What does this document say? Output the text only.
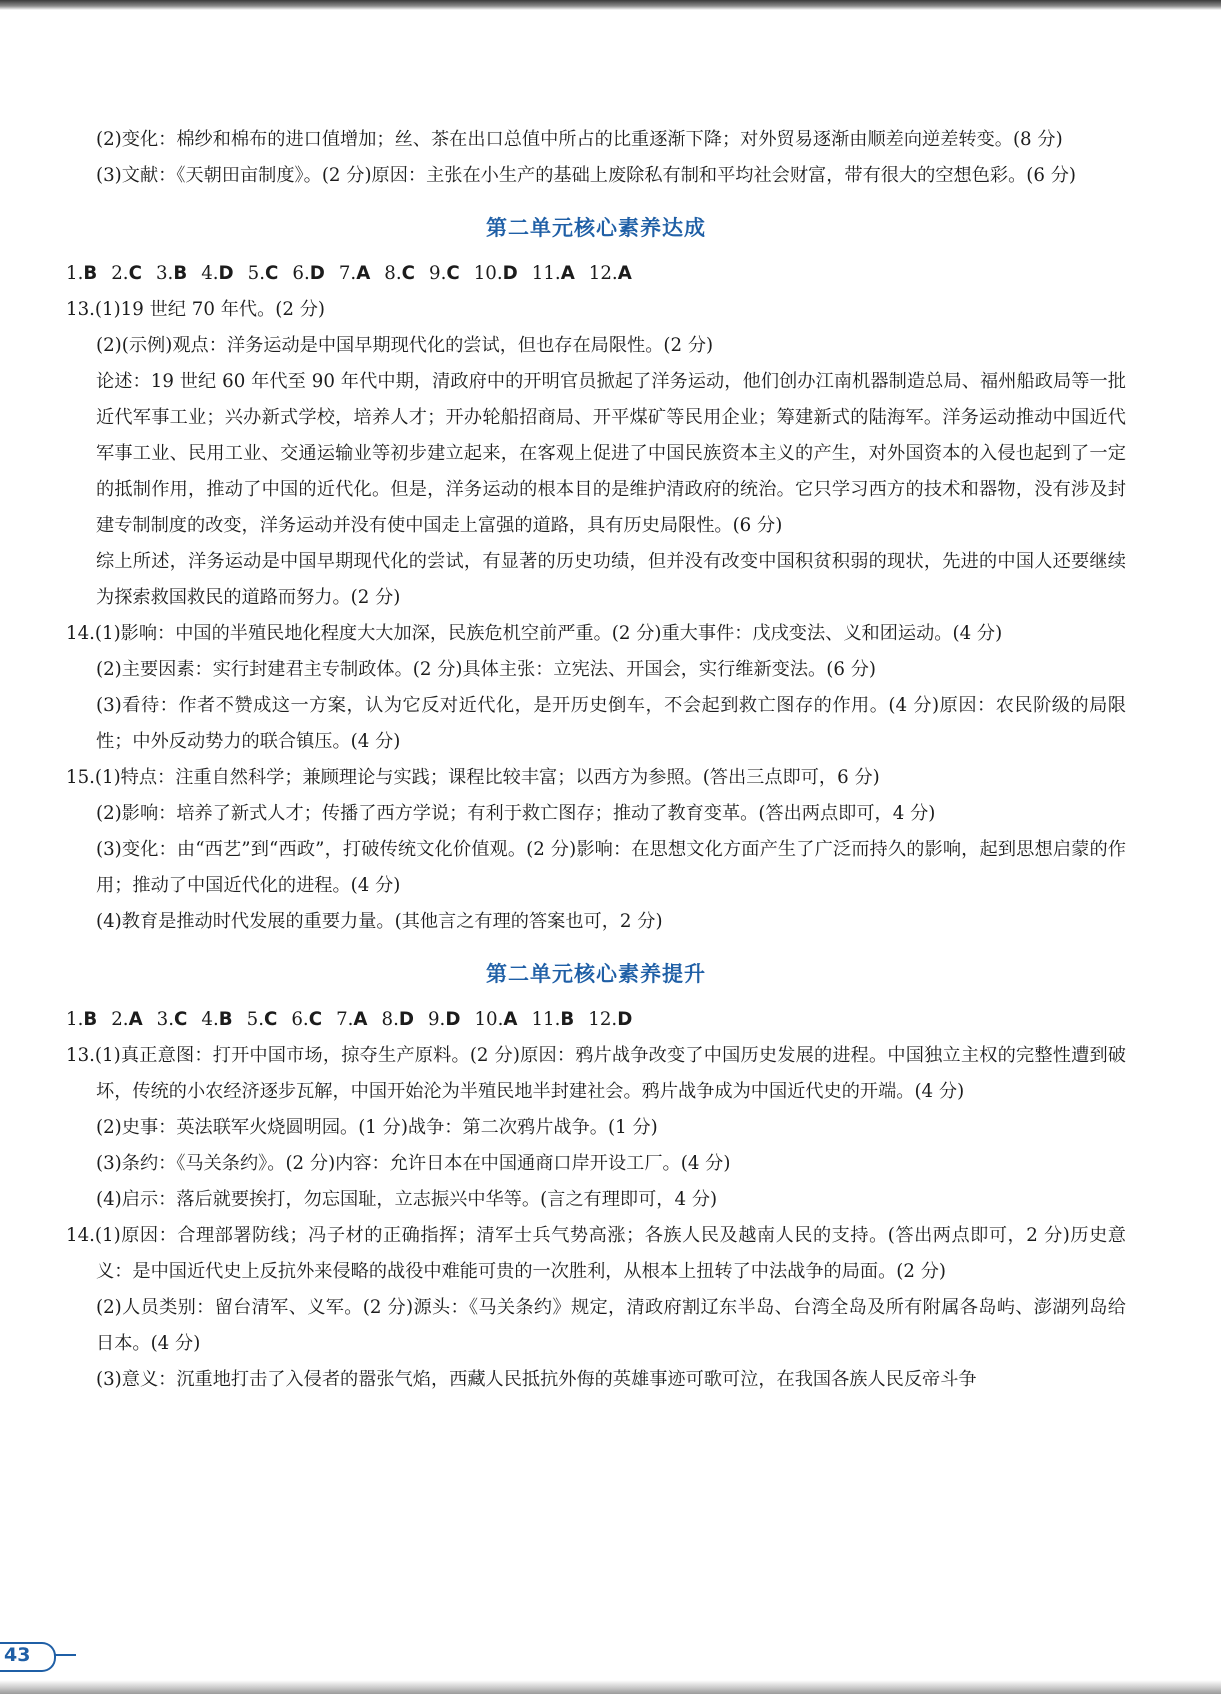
(2)变化：棉纱和棉布的进口值增加；丝、茶在出口总值中所占的比重逐渐下降；对外贸易逐渐由顺差向逆差转变。(8 分)
(3)文献：《天朝田亩制度》。(2 分)原因：主张在小生产的基础上废除私有制和平均社会财富，带有很大的空想色彩。(6 分)
第二单元核心素养达成
1.B 2.C 3.B 4.D 5.C 6.D 7.A 8.C 9.C 10.D 11.A 12.A
13.(1)19 世纪 70 年代。(2 分)
(2)(示例)观点：洋务运动是中国早期现代化的尝试，但也存在局限性。(2 分)
论述：19 世纪 60 年代至 90 年代中期，清政府中的开明官员掀起了洋务运动，他们创办江南机器制造总局、福州船政局等一批近代军事工业；兴办新式学校，培养人才；开办轮船招商局、开平煤矿等民用企业；筹建新式的陆海军。洋务运动推动中国近代军事工业、民用工业、交通运输业等初步建立起来，在客观上促进了中国民族资本主义的产生，对外国资本的入侵也起到了一定的抵制作用，推动了中国的近代化。但是，洋务运动的根本目的是维护清政府的统治。它只学习西方的技术和器物，没有涉及封建专制制度的改变，洋务运动并没有使中国走上富强的道路，具有历史局限性。(6 分)
综上所述，洋务运动是中国早期现代化的尝试，有显著的历史功绩，但并没有改变中国积贫积弱的现状，先进的中国人还要继续为探索救国救民的道路而努力。(2 分)
14.(1)影响：中国的半殖民地化程度大大加深，民族危机空前严重。(2 分)重大事件：戊戌变法、义和团运动。(4 分)
(2)主要因素：实行封建君主专制政体。(2 分)具体主张：立宪法、开国会，实行维新变法。(6 分)
(3)看待：作者不赞成这一方案，认为它反对近代化，是开历史倒车，不会起到救亡图存的作用。(4 分)原因：农民阶级的局限性；中外反动势力的联合镇压。(4 分)
15.(1)特点：注重自然科学；兼顾理论与实践；课程比较丰富；以西方为参照。(答出三点即可，6 分)
(2)影响：培养了新式人才；传播了西方学说；有利于救亡图存；推动了教育变革。(答出两点即可，4 分)
(3)变化：由“西艺”到“西政”，打破传统文化价值观。(2 分)影响：在思想文化方面产生了广泛而持久的影响，起到思想启蒙的作用；推动了中国近代化的进程。(4 分)
(4)教育是推动时代发展的重要力量。(其他言之有理的答案也可，2 分)
第二单元核心素养提升
1.B 2.A 3.C 4.B 5.C 6.C 7.A 8.D 9.D 10.A 11.B 12.D
13.(1)真正意图：打开中国市场，掠夺生产原料。(2 分)原因：鸦片战争改变了中国历史发展的进程。中国独立主权的完整性遭到破坏，传统的小农经济逐步瓦解，中国开始沦为半殖民地半封建社会。鸦片战争成为中国近代史的开端。(4 分)
(2)史事：英法联军火烧圆明园。(1 分)战争：第二次鸦片战争。(1 分)
(3)条约：《马关条约》。(2 分)内容：允许日本在中国通商口岸开设工厂。(4 分)
(4)启示：落后就要挨打，勿忘国耻，立志振兴中华等。(言之有理即可，4 分)
14.(1)原因：合理部署防线；冯子材的正确指挥；清军士兵气势高涨；各族人民及越南人民的支持。(答出两点即可，2 分)历史意义：是中国近代史上反抗外来侵略的战役中难能可贵的一次胜利，从根本上扭转了中法战争的局面。(2 分)
(2)人员类别：留台清军、义军。(2 分)源头：《马关条约》规定，清政府割辽东半岛、台湾全岛及所有附属各岛屿、澎湖列岛给日本。(4 分)
(3)意义：沉重地打击了入侵者的嚣张气焰，西藏人民抵抗外侮的英雄事迹可歌可泣，在我国各族人民反帝斗争
43
